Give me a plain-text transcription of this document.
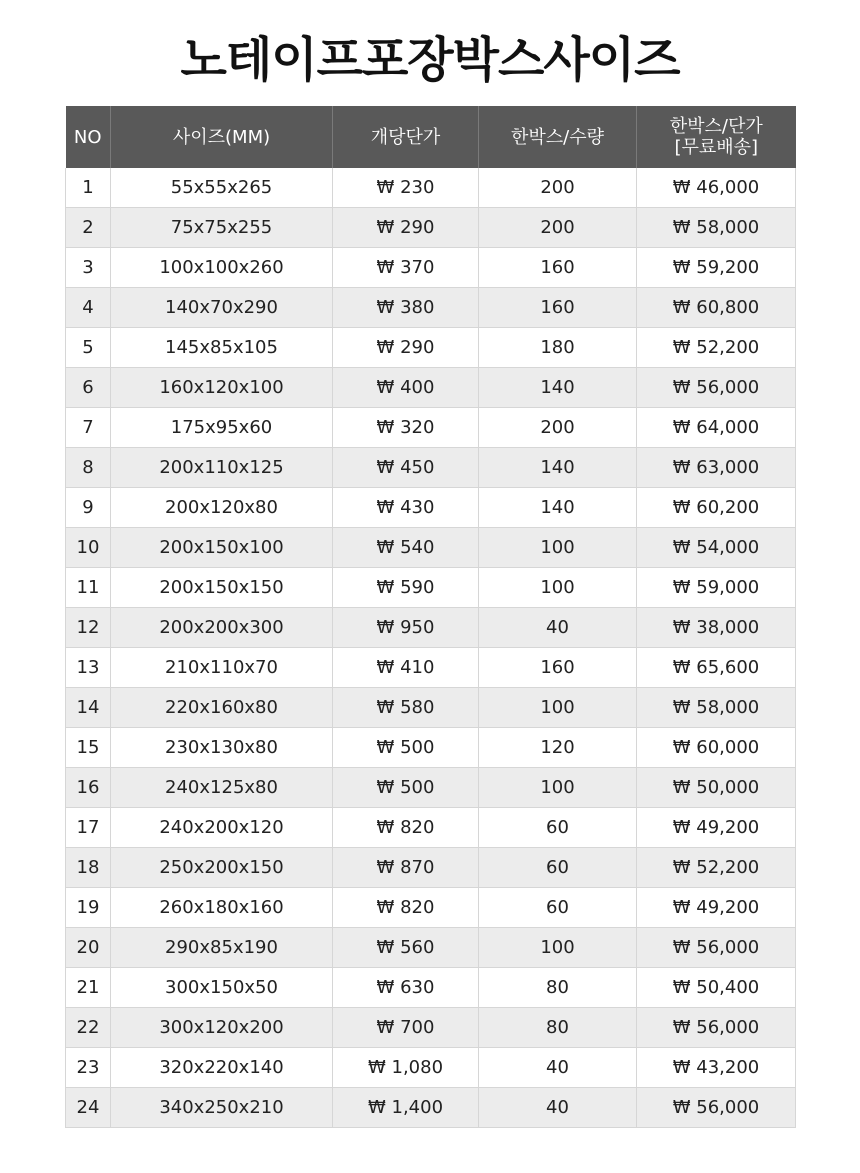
노테이프포장박스사이즈
NO	사이즈(MM)	개당단가	한박스/수량	한박스/단가
[무료배송]
1	55x55x265	₩ 230	200	₩ 46,000
2	75x75x255	₩ 290	200	₩ 58,000
3	100x100x260	₩ 370	160	₩ 59,200
4	140x70x290	₩ 380	160	₩ 60,800
5	145x85x105	₩ 290	180	₩ 52,200
6	160x120x100	₩ 400	140	₩ 56,000
7	175x95x60	₩ 320	200	₩ 64,000
8	200x110x125	₩ 450	140	₩ 63,000
9	200x120x80	₩ 430	140	₩ 60,200
10	200x150x100	₩ 540	100	₩ 54,000
11	200x150x150	₩ 590	100	₩ 59,000
12	200x200x300	₩ 950	40	₩ 38,000
13	210x110x70	₩ 410	160	₩ 65,600
14	220x160x80	₩ 580	100	₩ 58,000
15	230x130x80	₩ 500	120	₩ 60,000
16	240x125x80	₩ 500	100	₩ 50,000
17	240x200x120	₩ 820	60	₩ 49,200
18	250x200x150	₩ 870	60	₩ 52,200
19	260x180x160	₩ 820	60	₩ 49,200
20	290x85x190	₩ 560	100	₩ 56,000
21	300x150x50	₩ 630	80	₩ 50,400
22	300x120x200	₩ 700	80	₩ 56,000
23	320x220x140	₩ 1,080	40	₩ 43,200
24	340x250x210	₩ 1,400	40	₩ 56,000
